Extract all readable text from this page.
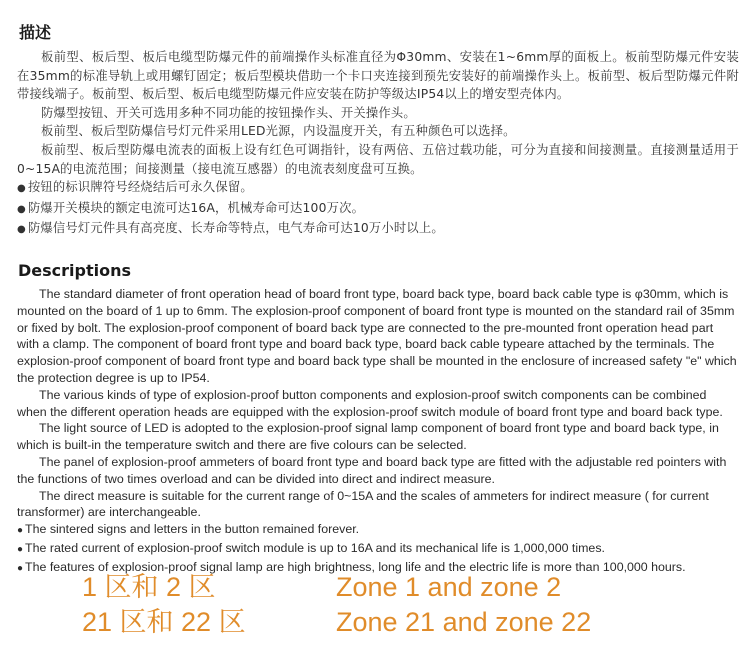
描述

板前型、板后型、板后电缆型防爆元件的前端操作头标准直径为Φ30mm、安装在1~6mm厚的面板上。板前型防爆元件安装在35mm的标准导轨上或用螺钉固定；板后型模块借助一个卡口夹连接到预先安装好的前端操作头上。板前型、板后型防爆元件附带接线端子。板前型、板后型、板后电缆型防爆元件应安装在防护等级达IP54以上的增安型壳体内。

防爆型按钮、开关可选用多种不同功能的按钮操作头、开关操作头。

板前型、板后型防爆信号灯元件采用LED光源，内设温度开关，有五种颜色可以选择。

板前型、板后型防爆电流表的面板上设有红色可调指针，设有两倍、五倍过载功能，可分为直接和间接测量。直接测量适用于0~15A的电流范围；间接测量（接电流互感器）的电流表刻度盘可互换。

● 按钮的标识牌符号经烧结后可永久保留。

● 防爆开关模块的额定电流可达16A，机械寿命可达100万次。

● 防爆信号灯元件具有高亮度、长寿命等特点，电气寿命可达10万小时以上。

Descriptions

The standard diameter of front operation head of board front type, board back type, board back cable type is φ30mm, which is mounted on the board of 1 up to 6mm. The explosion-proof component of board front type is mounted on the standard rail of 35mm or fixed by bolt. The explosion-proof component of board back type are connected to the pre-mounted front operation head part with a clamp. The component of board front type and board back type, board back cable typeare attached by the terminals. The explosion-proof component of board front type and board back type shall be mounted in the enclosure of increased safety "e" which the protection degree is up to IP54.

The various kinds of type of explosion-proof button components and explosion-proof switch components can be combined when the different operation heads are equipped with the explosion-proof switch module of board front type and board back type.

The light source of LED is adopted to the explosion-proof signal lamp component of board front type and board back type, in which is built-in the temperature switch and there are five colours can be selected.

The panel of explosion-proof ammeters of board front type and board back type are fitted with the adjustable red pointers with the functions of two times overload and can be divided into direct and indirect measure.

The direct measure is suitable for the current range of 0~15A and the scales of ammeters for indirect measure ( for current transformer) are interchangeable.

● The sintered signs and letters in the button remained forever.

● The rated current of explosion-proof switch module is up to 16A and its mechanical life is 1,000,000 times.

● The features of explosion-proof signal lamp are high brightness, long life and the electric life is more than 100,000 hours.

1 区和 2 区	Zone 1 and zone 2
21 区和 22 区	Zone 21 and zone 22
